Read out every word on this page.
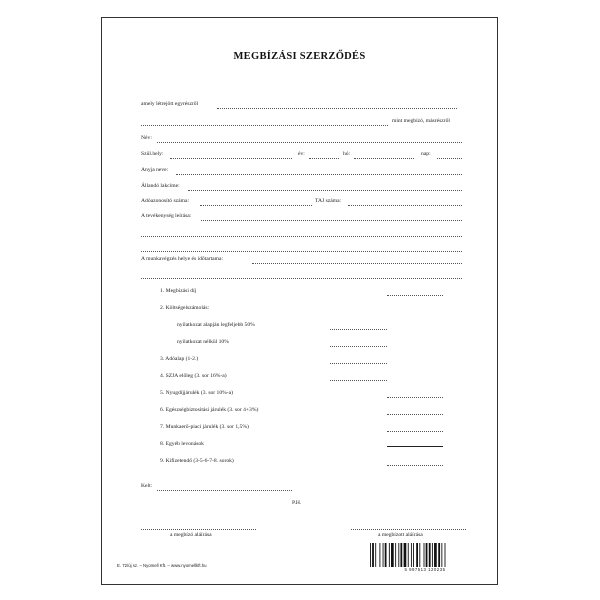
MEGBÍZÁSI SZERZŐDÉS
amely létrejött egyrészről
mint megbízó, másrészről
Név:
Szül.hely:	év:	hó:	nap:
Anyja neve:
Állandó lakcíme:
Adóazonosító száma:	TAJ száma:
A tevékenység leírása:
A munkavégzés helye és időtartama:
1. Megbízási díj
2. Költségelszámolás:
nyilatkozat alapján legfeljebb 50%
nyilatkozat nélkül 10%
3. Adóalap (1-2.)
4. SZJA előleg (3. sor 16%-a)
5. Nyugdíjjárulék (3. sor 10%-a)
6. Egészségbiztosítási járulék (3. sor 4+3%)
7. Munkaerő-piaci járulék (3. sor 1,5%)
8. Egyéb levonások
9. Kifizetendő (3-5-6-7-8. sorok)
Kelt:
P.H.
a megbízó aláírása	a megbízott aláírása
E. 72/új sz. – Nyomell Kft. – www.nyomellkft.hu
5 997513 120235
